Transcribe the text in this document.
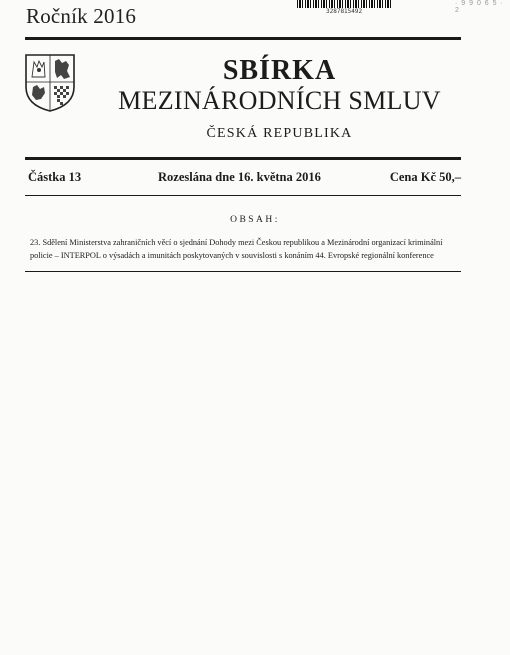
Ročník 2016	3287815492
· 9 9 0 6 5 · 2
SBÍRKA
MEZINÁRODNÍCH SMLUV
ČESKÁ REPUBLIKA
Částka 13	Rozeslána dne 16. května 2016	Cena Kč 50,–
OBSAH:
23. Sdělení Ministerstva zahraničních věcí o sjednání Dohody mezi Českou republikou a Mezinárodní organizací kriminální policie – INTERPOL o výsadách a imunitách poskytovaných v souvislosti s konáním 44. Evropské regionální konference
